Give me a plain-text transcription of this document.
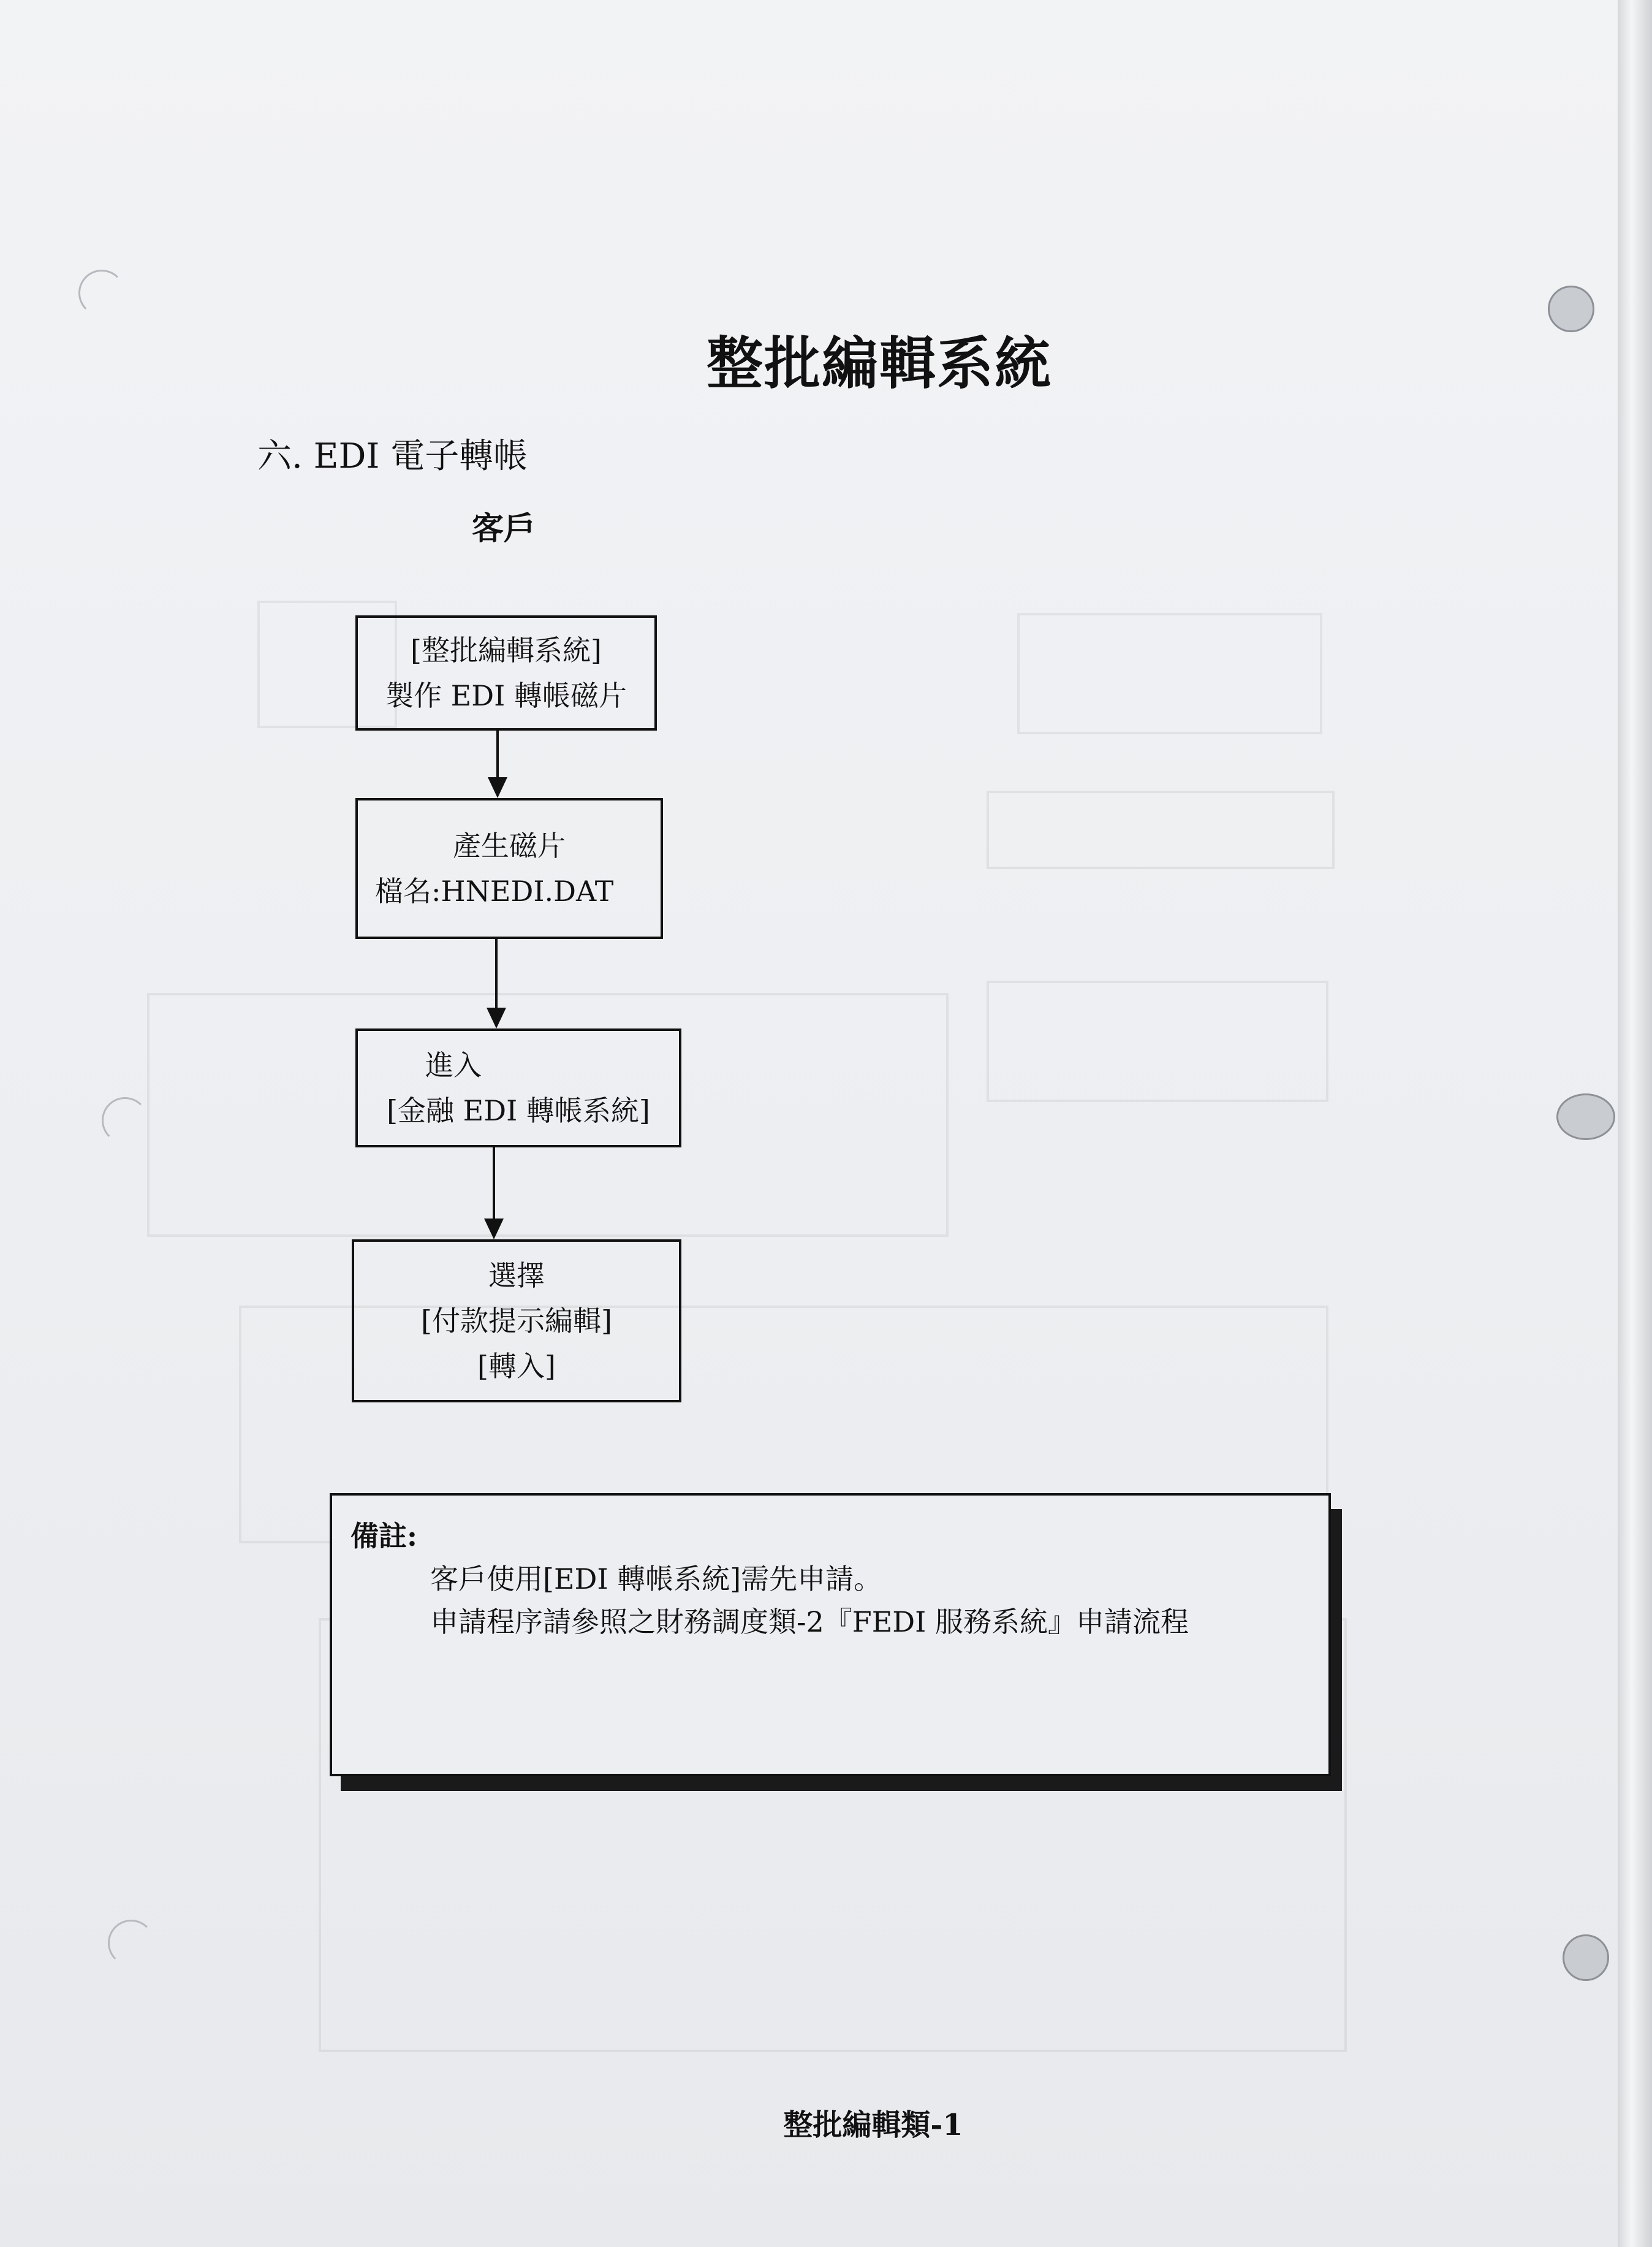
整批編輯系統
六. EDI 電子轉帳
客戶
[整批編輯系統]
製作 EDI 轉帳磁片
產生磁片
檔名:HNEDI.DAT
進入
[金融 EDI 轉帳系統]
選擇
[付款提示編輯]
[轉入]
備註:
客戶使用[EDI 轉帳系統]需先申請。
申請程序請參照之財務調度類-2『FEDI 服務系統』申請流程
整批編輯類-1
